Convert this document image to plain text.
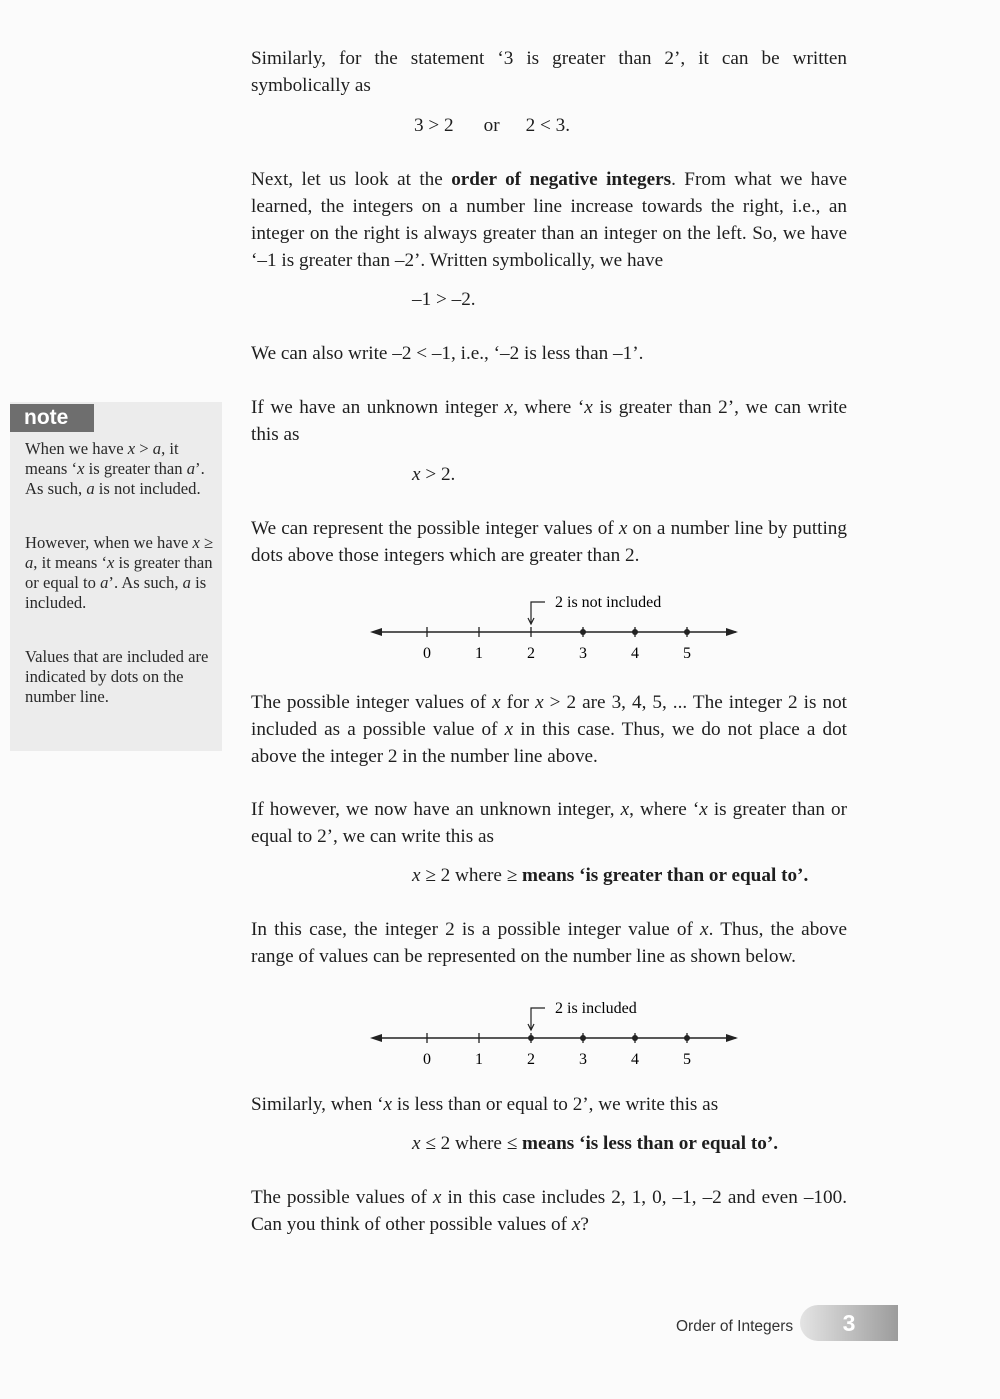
Similarly, for the statement ‘3 is greater than 2’, it can be written symbolically as
3 > 2 or 2 < 3.
Next, let us look at the order of negative integers. From what we have learned, the integers on a number line increase towards the right, i.e., an integer on the right is always greater than an integer on the left. So, we have ‘–1 is greater than –2’. Written symbolically, we have
–1 > –2.
We can also write –2 < –1, i.e., ‘–2 is less than –1’.
If we have an unknown integer x, where ‘x is greater than 2’, we can write this as
x > 2.
We can represent the possible integer values of x on a number line by putting dots above those integers which are greater than 2.
0	1	2	3	4	5
2 is not included
The possible integer values of x for x > 2 are 3, 4, 5, ... The integer 2 is not included as a possible value of x in this case. Thus, we do not place a dot above the integer 2 in the number line above.
If however, we now have an unknown integer, x, where ‘x is greater than or equal to 2’, we can write this as
x ≥ 2 where ≥ means ‘is greater than or equal to’.
In this case, the integer 2 is a possible integer value of x. Thus, the above range of values can be represented on the number line as shown below.
0	1	2	3	4	5
2 is included
Similarly, when ‘x is less than or equal to 2’, we write this as
x ≤ 2 where ≤ means ‘is less than or equal to’.
The possible values of x in this case includes 2, 1, 0, –1, –2 and even –100. Can you think of other possible values of x?
note
When we have x > a, it means ‘x is greater than a’. As such, a is not included.
However, when we have x ≥ a, it means ‘x is greater than or equal to a’. As such, a is included.
Values that are included are indicated by dots on the number line.
Order of Integers	3
